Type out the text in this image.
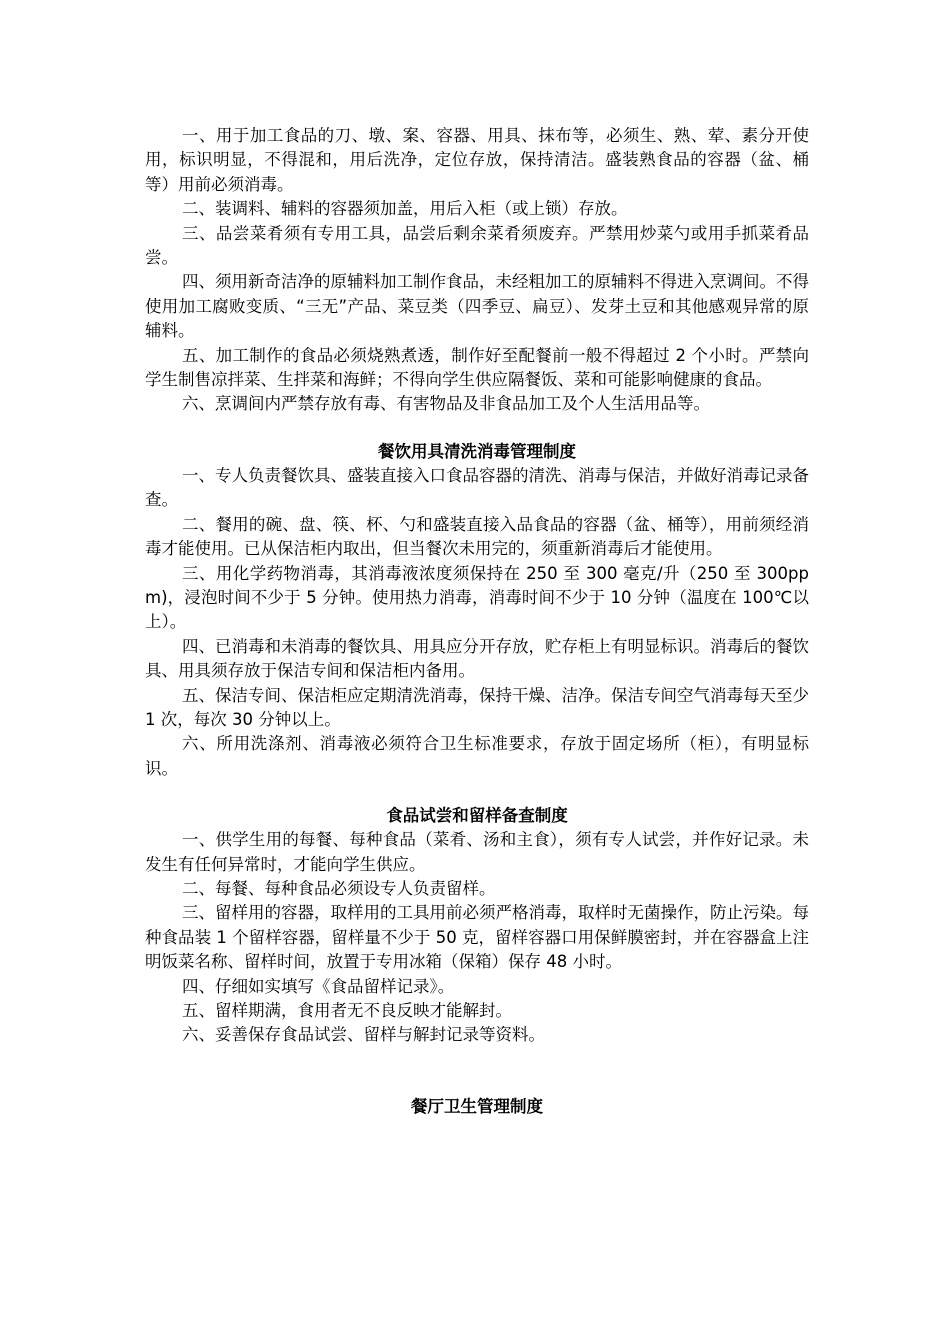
一、用于加工食品的刀、墩、案、容器、用具、抹布等，必须生、熟、荤、素分开使用，标识明显，不得混和，用后洗净，定位存放，保持清洁。盛装熟食品的容器（盆、桶等）用前必须消毒。

二、装调料、辅料的容器须加盖，用后入柜（或上锁）存放。

三、品尝菜肴须有专用工具，品尝后剩余菜肴须废弃。严禁用炒菜勺或用手抓菜肴品尝。

四、须用新奇洁净的原辅料加工制作食品，未经粗加工的原辅料不得进入烹调间。不得使用加工腐败变质、“三无”产品、菜豆类（四季豆、扁豆）、发芽土豆和其他感观异常的原辅料。

五、加工制作的食品必须烧熟煮透，制作好至配餐前一般不得超过 2 个小时。严禁向学生制售凉拌菜、生拌菜和海鲜；不得向学生供应隔餐饭、菜和可能影响健康的食品。

六、烹调间内严禁存放有毒、有害物品及非食品加工及个人生活用品等。

餐饮用具清洗消毒管理制度

一、专人负责餐饮具、盛装直接入口食品容器的清洗、消毒与保洁，并做好消毒记录备查。

二、餐用的碗、盘、筷、杯、勺和盛装直接入品食品的容器（盆、桶等），用前须经消毒才能使用。已从保洁柜内取出，但当餐次未用完的，须重新消毒后才能使用。

三、用化学药物消毒，其消毒液浓度须保持在 250 至 300 毫克/升（250 至 300ppm)，浸泡时间不少于 5 分钟。使用热力消毒，消毒时间不少于 10 分钟（温度在 100℃以上）。

四、已消毒和未消毒的餐饮具、用具应分开存放，贮存柜上有明显标识。消毒后的餐饮具、用具须存放于保洁专间和保洁柜内备用。

五、保洁专间、保洁柜应定期清洗消毒，保持干燥、洁净。保洁专间空气消毒每天至少 1 次，每次 30 分钟以上。

六、所用洗涤剂、消毒液必须符合卫生标准要求，存放于固定场所（柜），有明显标识。

食品试尝和留样备查制度

一、供学生用的每餐、每种食品（菜肴、汤和主食），须有专人试尝，并作好记录。未发生有任何异常时，才能向学生供应。

二、每餐、每种食品必须设专人负责留样。

三、留样用的容器，取样用的工具用前必须严格消毒，取样时无菌操作，防止污染。每种食品装 1 个留样容器，留样量不少于 50 克，留样容器口用保鲜膜密封，并在容器盒上注明饭菜名称、留样时间，放置于专用冰箱（保箱）保存 48 小时。

四、仔细如实填写《食品留样记录》。

五、留样期满，食用者无不良反映才能解封。

六、妥善保存食品试尝、留样与解封记录等资料。

餐厅卫生管理制度
